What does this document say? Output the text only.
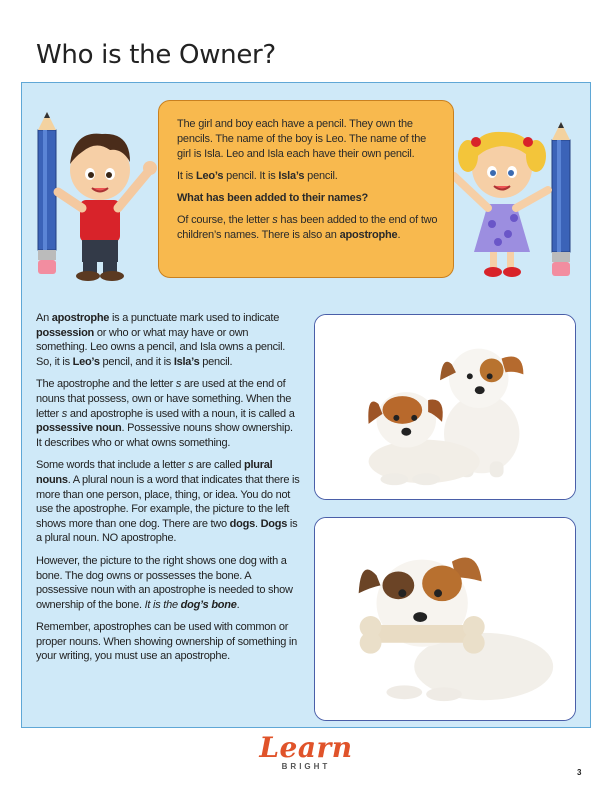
Who is the Owner?

The girl and boy each have a pencil. They own the pencils. The name of the boy is Leo. The name of the girl is Isla. Leo and Isla each have their own pencil.

It is Leo’s pencil. It is Isla’s pencil.

What has been added to their names?

Of course, the letter s has been added to the end of two children’s names. There is also an apostrophe.

An apostrophe is a punctuate mark used to indicate possession or who or what may have or own something. Leo owns a pencil, and Isla owns a pencil. So, it is Leo’s pencil, and it is Isla’s pencil.

The apostrophe and the letter s are used at the end of nouns that possess, own or have something. When the letter s and apostrophe is used with a noun, it is called a possessive noun. Possessive nouns show ownership. It describes who or what owns something.

Some words that include a letter s are called plural nouns. A plural noun is a word that indicates that there is more than one person, place, thing, or idea. You do not use the apostrophe. For example, the picture to the left shows more than one dog. There are two dogs. Dogs is a plural noun. NO apostrophe.

However, the picture to the right shows one dog with a bone. The dog owns or possesses the bone. A possessive noun with an apostrophe is needed to show ownership of the bone. It is the dog’s bone.

Remember, apostrophes can be used with common or proper nouns. When showing ownership of something in your writing, you must use an apostrophe.

Learn
BRIGHT
3
